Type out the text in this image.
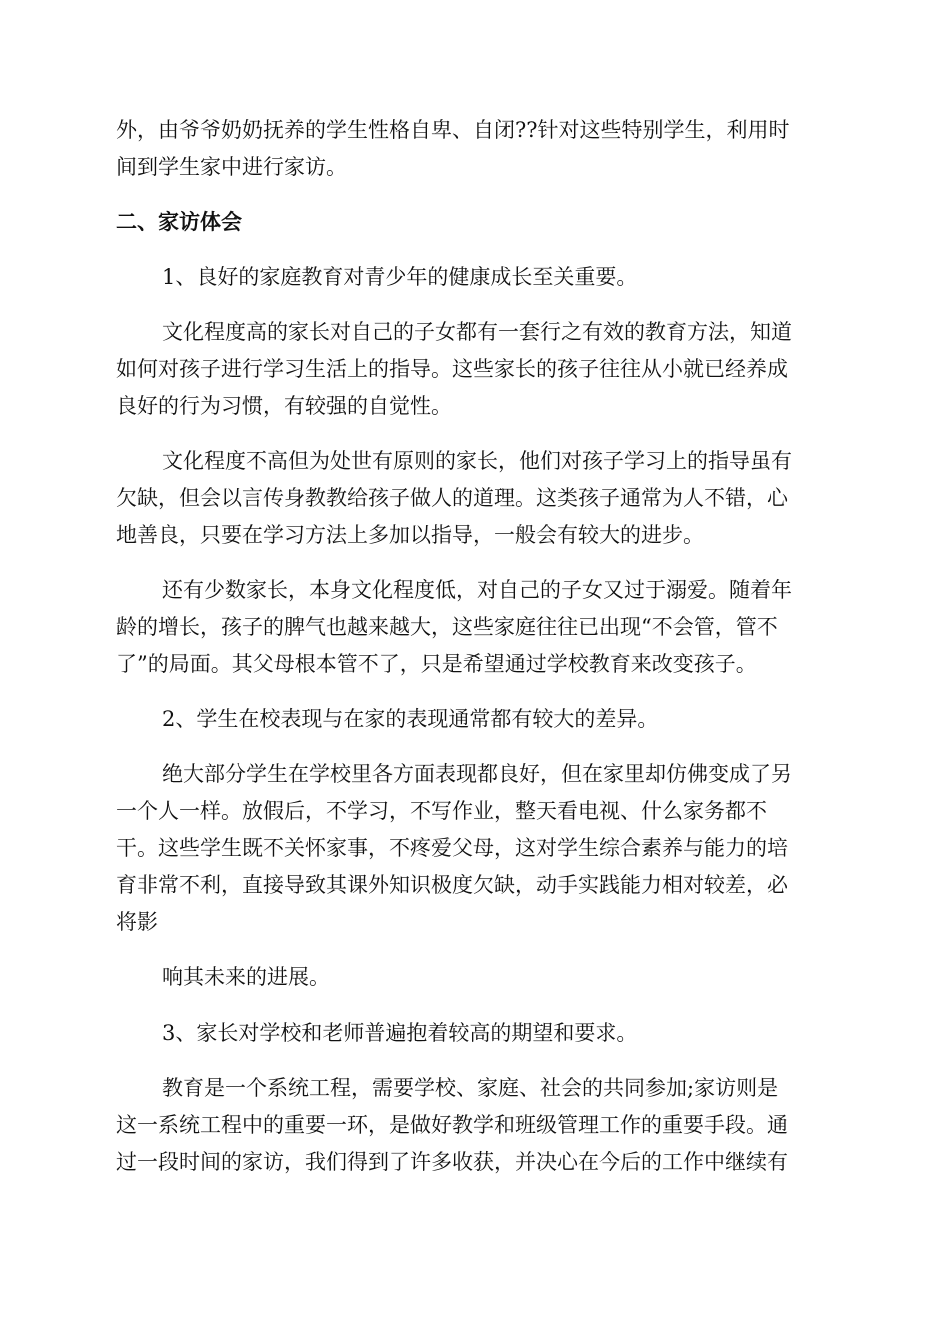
外，由爷爷奶奶抚养的学生性格自卑、自闭??针对这些特别学生，利用时
间到学生家中进行家访。
二、家访体会
1、良好的家庭教育对青少年的健康成长至关重要。
文化程度高的家长对自己的子女都有一套行之有效的教育方法，知道
如何对孩子进行学习生活上的指导。这些家长的孩子往往从小就已经养成
良好的行为习惯，有较强的自觉性。
文化程度不高但为处世有原则的家长，他们对孩子学习上的指导虽有
欠缺，但会以言传身教教给孩子做人的道理。这类孩子通常为人不错，心
地善良，只要在学习方法上多加以指导，一般会有较大的进步。
还有少数家长，本身文化程度低，对自己的子女又过于溺爱。随着年
龄的增长，孩子的脾气也越来越大，这些家庭往往已出现“不会管，管不
了”的局面。其父母根本管不了，只是希望通过学校教育来改变孩子。
2、学生在校表现与在家的表现通常都有较大的差异。
绝大部分学生在学校里各方面表现都良好，但在家里却仿佛变成了另
一个人一样。放假后，不学习，不写作业，整天看电视、什么家务都不
干。这些学生既不关怀家事，不疼爱父母，这对学生综合素养与能力的培
育非常不利，直接导致其课外知识极度欠缺，动手实践能力相对较差，必
将影
响其未来的进展。
3、家长对学校和老师普遍抱着较高的期望和要求。
教育是一个系统工程，需要学校、家庭、社会的共同参加;家访则是
这一系统工程中的重要一环，是做好教学和班级管理工作的重要手段。通
过一段时间的家访，我们得到了许多收获，并决心在今后的工作中继续有
